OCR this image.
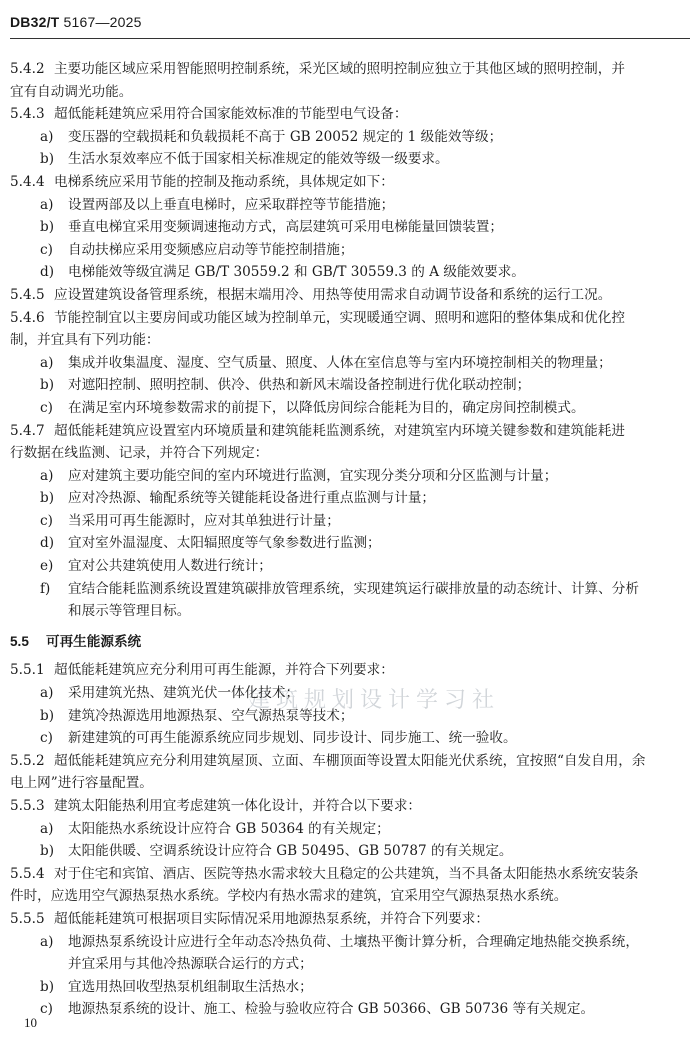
DB32/T 5167—2025
建筑规划设计学习社
5.4.2 主要功能区域应采用智能照明控制系统，采光区域的照明控制应独立于其他区域的照明控制，并
宜有自动调光功能。
5.4.3 超低能耗建筑应采用符合国家能效标准的节能型电气设备：
a) 变压器的空载损耗和负载损耗不高于 GB 20052 规定的 1 级能效等级；
b) 生活水泵效率应不低于国家相关标准规定的能效等级一级要求。
5.4.4 电梯系统应采用节能的控制及拖动系统，具体规定如下：
a) 设置两部及以上垂直电梯时，应采取群控等节能措施；
b) 垂直电梯宜采用变频调速拖动方式，高层建筑可采用电梯能量回馈装置；
c) 自动扶梯应采用变频感应启动等节能控制措施；
d) 电梯能效等级宜满足 GB/T 30559.2 和 GB/T 30559.3 的 A 级能效要求。
5.4.5 应设置建筑设备管理系统，根据末端用冷、用热等使用需求自动调节设备和系统的运行工况。
5.4.6 节能控制宜以主要房间或功能区域为控制单元，实现暖通空调、照明和遮阳的整体集成和优化控
制，并宜具有下列功能：
a) 集成并收集温度、湿度、空气质量、照度、人体在室信息等与室内环境控制相关的物理量；
b) 对遮阳控制、照明控制、供冷、供热和新风末端设备控制进行优化联动控制；
c) 在满足室内环境参数需求的前提下，以降低房间综合能耗为目的，确定房间控制模式。
5.4.7 超低能耗建筑应设置室内环境质量和建筑能耗监测系统，对建筑室内环境关键参数和建筑能耗进
行数据在线监测、记录，并符合下列规定：
a) 应对建筑主要功能空间的室内环境进行监测，宜实现分类分项和分区监测与计量；
b) 应对冷热源、输配系统等关键能耗设备进行重点监测与计量；
c) 当采用可再生能源时，应对其单独进行计量；
d) 宜对室外温湿度、太阳辐照度等气象参数进行监测；
e) 宜对公共建筑使用人数进行统计；
f) 宜结合能耗监测系统设置建筑碳排放管理系统，实现建筑运行碳排放量的动态统计、计算、分析
和展示等管理目标。
5.5 可再生能源系统
5.5.1 超低能耗建筑应充分利用可再生能源，并符合下列要求：
a) 采用建筑光热、建筑光伏一体化技术；
b) 建筑冷热源选用地源热泵、空气源热泵等技术；
c) 新建建筑的可再生能源系统应同步规划、同步设计、同步施工、统一验收。
5.5.2 超低能耗建筑应充分利用建筑屋顶、立面、车棚顶面等设置太阳能光伏系统，宜按照“自发自用，余
电上网”进行容量配置。
5.5.3 建筑太阳能热利用宜考虑建筑一体化设计，并符合以下要求：
a) 太阳能热水系统设计应符合 GB 50364 的有关规定；
b) 太阳能供暖、空调系统设计应符合 GB 50495、GB 50787 的有关规定。
5.5.4 对于住宅和宾馆、酒店、医院等热水需求较大且稳定的公共建筑，当不具备太阳能热水系统安装条
件时，应选用空气源热泵热水系统。学校内有热水需求的建筑，宜采用空气源热泵热水系统。
5.5.5 超低能耗建筑可根据项目实际情况采用地源热泵系统，并符合下列要求：
a) 地源热泵系统设计应进行全年动态冷热负荷、土壤热平衡计算分析，合理确定地热能交换系统，
并宜采用与其他冷热源联合运行的方式；
b) 宜选用热回收型热泵机组制取生活热水；
c) 地源热泵系统的设计、施工、检验与验收应符合 GB 50366、GB 50736 等有关规定。
10
